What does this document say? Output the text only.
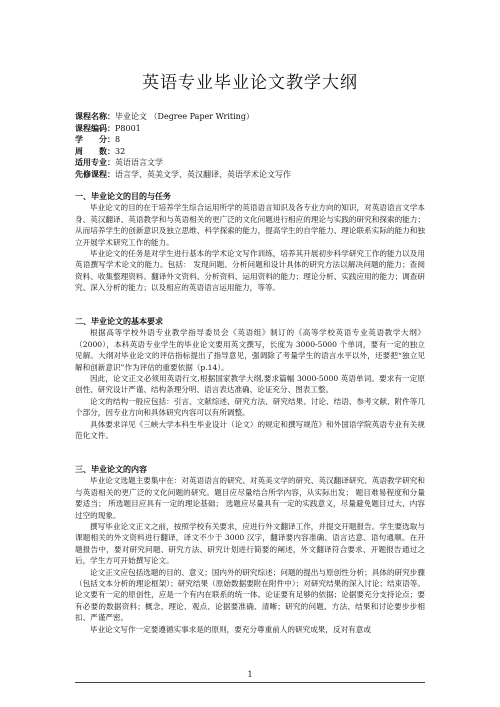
英语专业毕业论文教学大纲
课程名称：毕业论文 （Degree Paper Writing）
课程编码：P8001
学　　分：8
周　　数：32
适用专业：英语语言文学
先修课程：语言学、英美文学、英汉翻译、英语学术论文写作

一、毕业论文的目的与任务

毕业论文的目的在于培养学生综合运用所学的英语语言知识及各专业方向的知识，对英语语言文学本身、英汉翻译、英语教学和与英语相关的更广泛的文化问题进行相应的理论与实践的研究和探索的能力；从而培养学生的创新意识及独立思维、科学探索的能力，提高学生的自学能力、理论联系实际的能力和独立开展学术研究工作的能力。

毕业论文的任务是对学生进行基本的学术论文写作训练，培养其开展初步科学研究工作的能力以及用英语撰写学术论文的能力。包括： 发现问题、分析问题和设计具体的研究方法以解决问题的能力；查阅资料、收集整理资料、翻译外文资料、分析资料、运用资料的能力；理论分析、实践应用的能力；调查研究、深入分析的能力；以及相应的英语语言运用能力，等等。

二、毕业论文的基本要求

根据高等学校外语专业教学指导委员会《英语组》制订的《高等学校英语专业英语教学大纲》（2000），本科英语专业学生的毕业论文要用英文撰写，长度为 3000-5000 个单词，要有一定的独立见解。大纲对毕业论文的评估指标提出了指导意见，强调除了考量学生的语言水平以外，还要把“独立见解和创新意识”作为评估的重要依据（p.14）。

因此，论文正文必须用英语行文,根据国家教学大纲,要求篇幅 3000-5000 英语单词。要求有一定原创性、研究设计严谨、结构条理分明、语言表达准确、论证充分、图表工整。

论文的结构一般应包括：引言、文献综述、研究方法、研究结果、讨论、结语、参考文献、附件等几个部分，因专业方向和具体研究内容可以有所调整。

具体要求详见《三峡大学本科生毕业设计（论文）的规定和撰写规范》和外国语学院英语专业有关规范化文件。

三、毕业论文的内容

毕业论文选题主要集中在：对英语语言的研究、对英美文学的研究、英汉翻译研究、英语教学研究和与英语相关的更广泛的文化问题的研究。题目应尽量结合所学内容，从实际出发； 题目难易程度和分量要适当； 所选题目应具有一定的理论基础； 选题应尽量具有一定的实践意义，尽量避免题目过大、内容过空的现象。

撰写毕业论文正文之前，按照学校有关要求，应进行外文翻译工作，并提交开题报告。学生要选取与课题相关的外文资料进行翻译，译文不少于 3000 汉字，翻译要内容准确、语言达意、语句通顺。在开题报告中，要对研究问题、研究方法、研究计划进行简要的阐述，外文翻译符合要求、开题报告通过之后，学生方可开始撰写论文。

论文正文应包括选题的目的、意义；国内外的研究综述；问题的提出与原创性分析；具体的研究步骤（包括文本分析的理论框架）；研究结果（原始数据要附在附件中）；对研究结果的深入讨论；结束语等。论文要有一定的原创性，应是一个有内在联系的统一体。论证要有足够的依据；论据要充分支持论点；要有必要的数据资料；概念、理论、观点、论据要准确、清晰；研究的问题、方法、结果和讨论要步步相扣、严谨严密。

毕业论文写作一定要遵循实事求是的原则，要充分尊重前人的研究成果，反对有意或

1
